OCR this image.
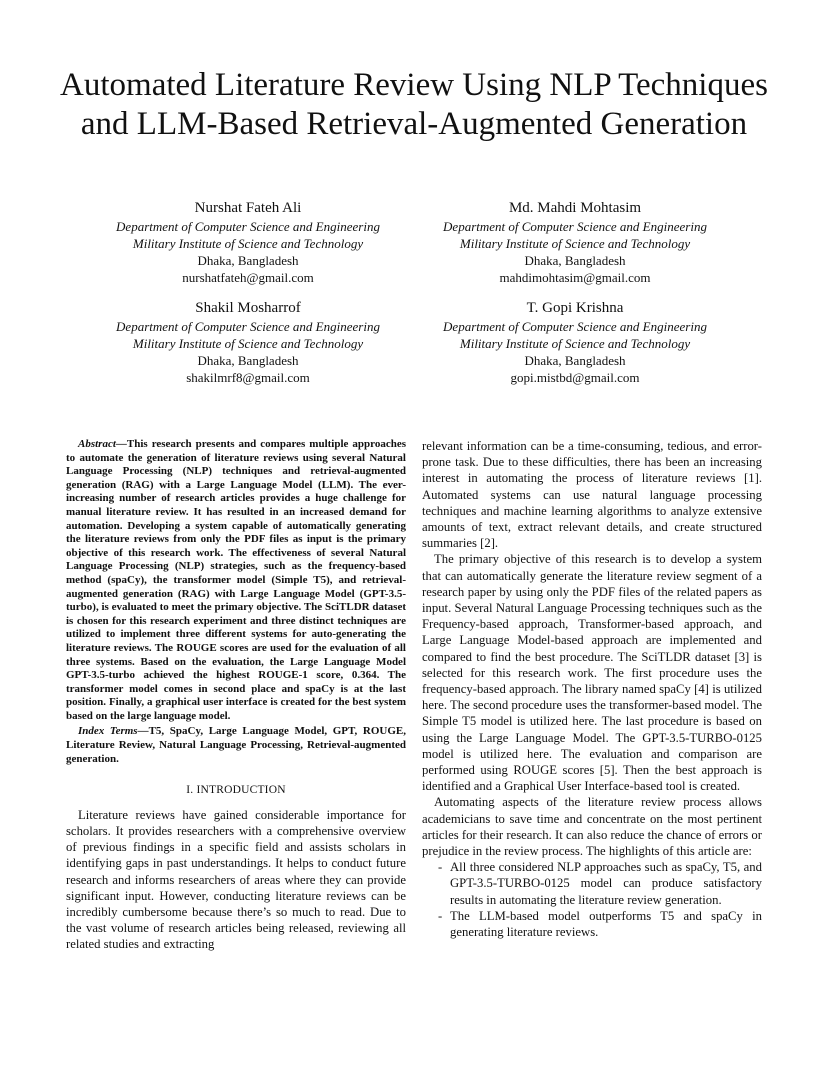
Automated Literature Review Using NLP Techniques and LLM-Based Retrieval-Augmented Generation
Nurshat Fateh Ali
Department of Computer Science and Engineering
Military Institute of Science and Technology
Dhaka, Bangladesh
nurshatfateh@gmail.com
Md. Mahdi Mohtasim
Department of Computer Science and Engineering
Military Institute of Science and Technology
Dhaka, Bangladesh
mahdimohtasim@gmail.com
Shakil Mosharrof
Department of Computer Science and Engineering
Military Institute of Science and Technology
Dhaka, Bangladesh
shakilmrf8@gmail.com
T. Gopi Krishna
Department of Computer Science and Engineering
Military Institute of Science and Technology
Dhaka, Bangladesh
gopi.mistbd@gmail.com

Abstract—This research presents and compares multiple approaches to automate the generation of literature reviews using several Natural Language Processing (NLP) techniques and retrieval-augmented generation (RAG) with a Large Language Model (LLM). The ever-increasing number of research articles provides a huge challenge for manual literature review. It has resulted in an increased demand for automation. Developing a system capable of automatically generating the literature reviews from only the PDF files as input is the primary objective of this research work. The effectiveness of several Natural Language Processing (NLP) strategies, such as the frequency-based method (spaCy), the transformer model (Simple T5), and retrieval-augmented generation (RAG) with Large Language Model (GPT-3.5-turbo), is evaluated to meet the primary objective. The SciTLDR dataset is chosen for this research experiment and three distinct techniques are utilized to implement three different systems for auto-generating the literature reviews. The ROUGE scores are used for the evaluation of all three systems. Based on the evaluation, the Large Language Model GPT-3.5-turbo achieved the highest ROUGE-1 score, 0.364. The transformer model comes in second place and spaCy is at the last position. Finally, a graphical user interface is created for the best system based on the large language model.

Index Terms—T5, SpaCy, Large Language Model, GPT, ROUGE, Literature Review, Natural Language Processing, Retrieval-augmented generation.

I. INTRODUCTION

Literature reviews have gained considerable importance for scholars. It provides researchers with a comprehensive overview of previous findings in a specific field and assists scholars in identifying gaps in past understandings. It helps to conduct future research and informs researchers of areas where they can provide significant input. However, conducting literature reviews can be incredibly cumbersome because there’s so much to read. Due to the vast volume of research articles being released, reviewing all related studies and extracting

relevant information can be a time-consuming, tedious, and error-prone task. Due to these difficulties, there has been an increasing interest in automating the process of literature reviews [1]. Automated systems can use natural language processing techniques and machine learning algorithms to analyze extensive amounts of text, extract relevant details, and create structured summaries [2].

The primary objective of this research is to develop a system that can automatically generate the literature review segment of a research paper by using only the PDF files of the related papers as input. Several Natural Language Processing techniques such as the Frequency-based approach, Transformer-based approach, and Large Language Model-based approach are implemented and compared to find the best procedure. The SciTLDR dataset [3] is selected for this research work. The first procedure uses the frequency-based approach. The library named spaCy [4] is utilized here. The second procedure uses the transformer-based model. The Simple T5 model is utilized here. The last procedure is based on using the Large Language Model. The GPT-3.5-TURBO-0125 model is utilized here. The evaluation and comparison are performed using ROUGE scores [5]. Then the best approach is identified and a Graphical User Interface-based tool is created.

Automating aspects of the literature review process allows academicians to save time and concentrate on the most pertinent articles for their research. It can also reduce the chance of errors or prejudice in the review process. The highlights of this article are:

- All three considered NLP approaches such as spaCy, T5, and GPT-3.5-TURBO-0125 model can produce satisfactory results in automating the literature review generation.
- The LLM-based model outperforms T5 and spaCy in generating literature reviews.
